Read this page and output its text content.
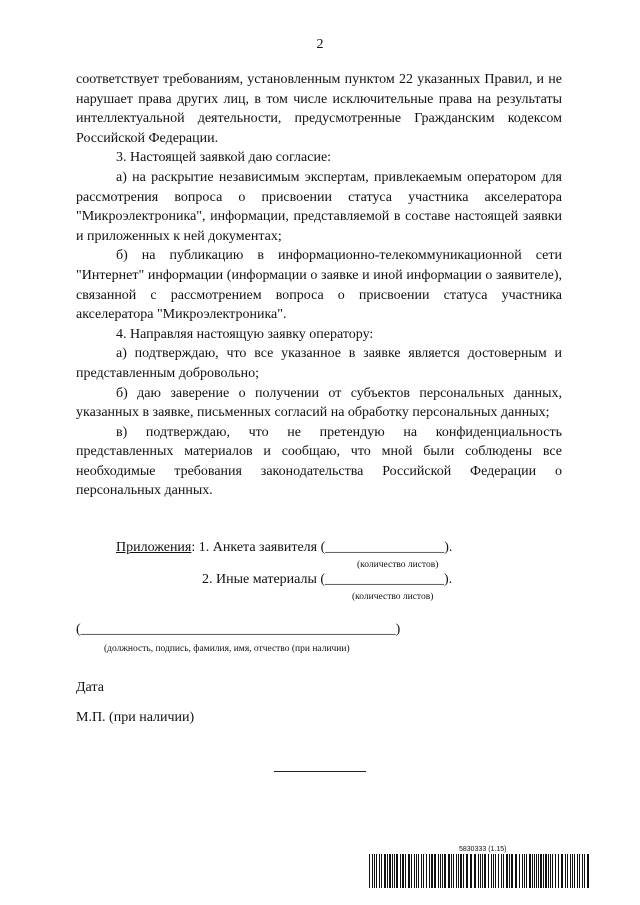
2

соответствует требованиям, установленным пунктом 22 указанных Правил, и не нарушает права других лиц, в том числе исключительные права на результаты интеллектуальной деятельности, предусмотренные Гражданским кодексом Российской Федерации.

3. Настоящей заявкой даю согласие:

а) на раскрытие независимым экспертам, привлекаемым оператором для рассмотрения вопроса о присвоении статуса участника акселератора "Микроэлектроника", информации, представляемой в составе настоящей заявки и приложенных к ней документах;

б) на публикацию в информационно-телекоммуникационной сети "Интернет" информации (информации о заявке и иной информации о заявителе), связанной с рассмотрением вопроса о присвоении статуса участника акселератора "Микроэлектроника".

4. Направляя настоящую заявку оператору:

а) подтверждаю, что все указанное в заявке является достоверным и представленным добровольно;

б) даю заверение о получении от субъектов персональных данных, указанных в заявке, письменных согласий на обработку персональных данных;

в) подтверждаю, что не претендую на конфиденциальность представленных материалов и сообщаю, что мной были соблюдены все необходимые требования законодательства Российской Федерации о персональных данных.

Приложения: 1. Анкета заявителя (_________________).
(количество листов)
2. Иные материалы (_________________).
(количество листов)
(_____________________________________________)
(должность, подпись, фамилия, имя, отчество (при наличии)
Дата
М.П. (при наличии)
5830333 (1.15)
